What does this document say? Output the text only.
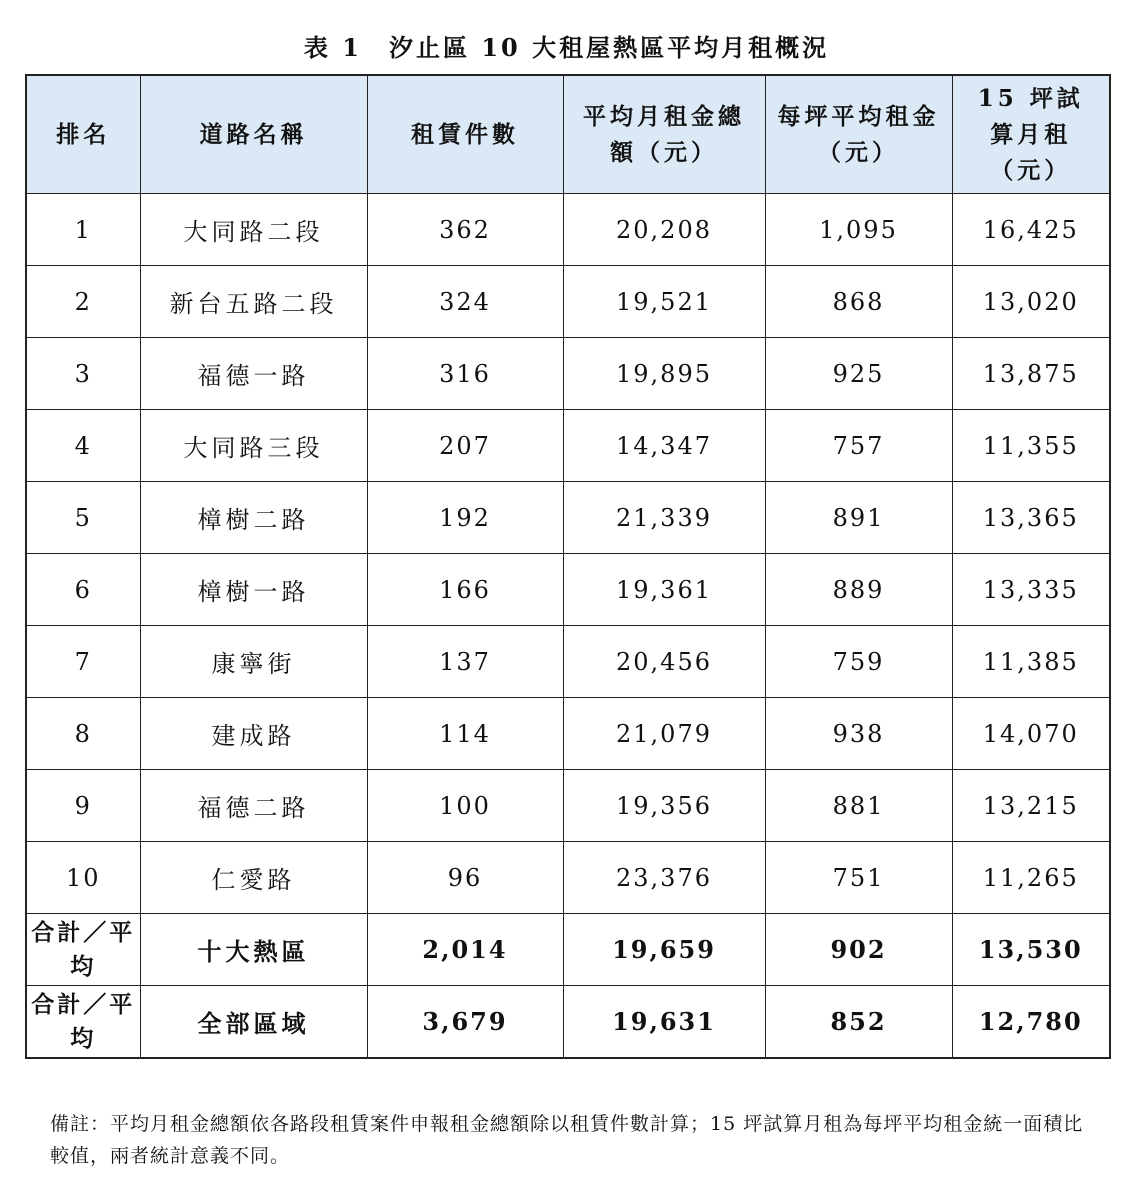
表 1　汐止區 10 大租屋熱區平均月租概況
排名	道路名稱	租賃件數	平均月租金總額（元）	每坪平均租金（元）	15 坪試算月租（元）
1	大同路二段	362	20,208	1,095	16,425
2	新台五路二段	324	19,521	868	13,020
3	福德一路	316	19,895	925	13,875
4	大同路三段	207	14,347	757	11,355
5	樟樹二路	192	21,339	891	13,365
6	樟樹一路	166	19,361	889	13,335
7	康寧街	137	20,456	759	11,385
8	建成路	114	21,079	938	14,070
9	福德二路	100	19,356	881	13,215
10	仁愛路	96	23,376	751	11,265
合計／平均	十大熱區	2,014	19,659	902	13,530
合計／平均	全部區域	3,679	19,631	852	12,780
備註：平均月租金總額依各路段租賃案件申報租金總額除以租賃件數計算；15 坪試算月租為每坪平均租金統一面積比較值，兩者統計意義不同。
